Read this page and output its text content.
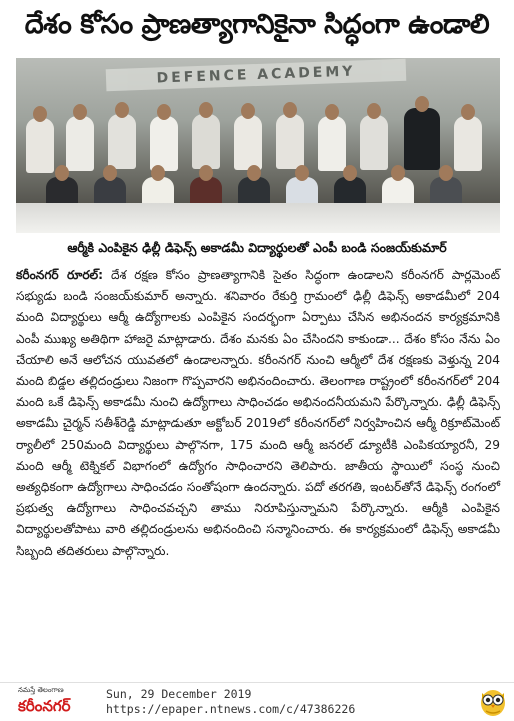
దేశం కోసం ప్రాణత్యాగానికైనా సిద్ధంగా ఉండాలి
DEFENCE ACADEMY
ఆర్మీకి ఎంపికైన ఢిల్లీ డిఫెన్స్ అకాడమీ విద్యార్థులతో ఎంపీ బండి సంజయ్‌కుమార్

కరీంనగర్ రూరల్: దేశ రక్షణ కోసం ప్రాణత్యాగానికి సైతం సిద్ధంగా ఉండాలని కరీంనగర్ పార్లమెంట్ సభ్యుడు బండి సంజయ్‌కుమార్ అన్నారు. శనివారం రేకుర్తి గ్రామంలో ఢిల్లీ డిఫెన్స్ అకాడమీలో 204 మంది విద్యార్థులు ఆర్మీ ఉద్యోగాలకు ఎంపికైన సందర్భంగా ఏర్పాటు చేసిన అభినందన కార్యక్రమానికి ఎంపీ ముఖ్య అతిథిగా హాజరై మాట్లాడారు. దేశం మనకు ఏం చేసిందని కాకుండా... దేశం కోసం నేను ఏం చేయాలి అనే ఆలోచన యువతలో ఉండాలన్నారు. కరీంనగర్ నుంచి ఆర్మీలో దేశ రక్షణకు వెళ్తున్న 204 మంది బిడ్డల తల్లిదండ్రులు నిజంగా గొప్పవారని అభినందించారు. తెలంగాణ రాష్ట్రంలో కరీంనగర్‌లో 204 మంది ఒకే డిఫెన్స్ అకాడమీ నుంచి ఉద్యోగాలు సాధించడం అభినందనీయమని పేర్కొన్నారు. ఢిల్లీ డిఫెన్స్ అకాడమీ చైర్మన్ సతీశ్‌రెడ్డి మాట్లాడుతూ అక్టోబర్ 2019లో కరీంనగర్‌లో నిర్వహించిన ఆర్మీ రిక్రూట్‌మెంట్ ర్యాలీలో 250మంది విద్యార్థులు పాల్గొనగా, 175 మంది ఆర్మీ జనరల్ డ్యూటీకి ఎంపికయ్యారనీ, 29 మంది ఆర్మీ టెక్నికల్ విభాగంలో ఉద్యోగం సాధించారని తెలిపారు. జాతీయ స్థాయిలో సంస్థ నుంచి అత్యధికంగా ఉద్యోగాలు సాధించడం సంతోషంగా ఉందన్నారు. పదో తరగతి, ఇంటర్‌తోనే డిఫెన్స్ రంగంలో ప్రభుత్వ ఉద్యోగాలు సాధించవచ్చని తాము నిరూపిస్తున్నామని పేర్కొన్నారు. ఆర్మీకి ఎంపికైన విద్యార్థులతోపాటు వారి తల్లిదండ్రులను అభినందించి సన్మానించారు. ఈ కార్యక్రమంలో డిఫెన్స్ అకాడమీ సిబ్బంది తదితరులు పాల్గొన్నారు.

నమస్తే తెలంగాణ
కరీంనగర్
Sun, 29 December 2019
https://epaper.ntnews.com/c/47386226
